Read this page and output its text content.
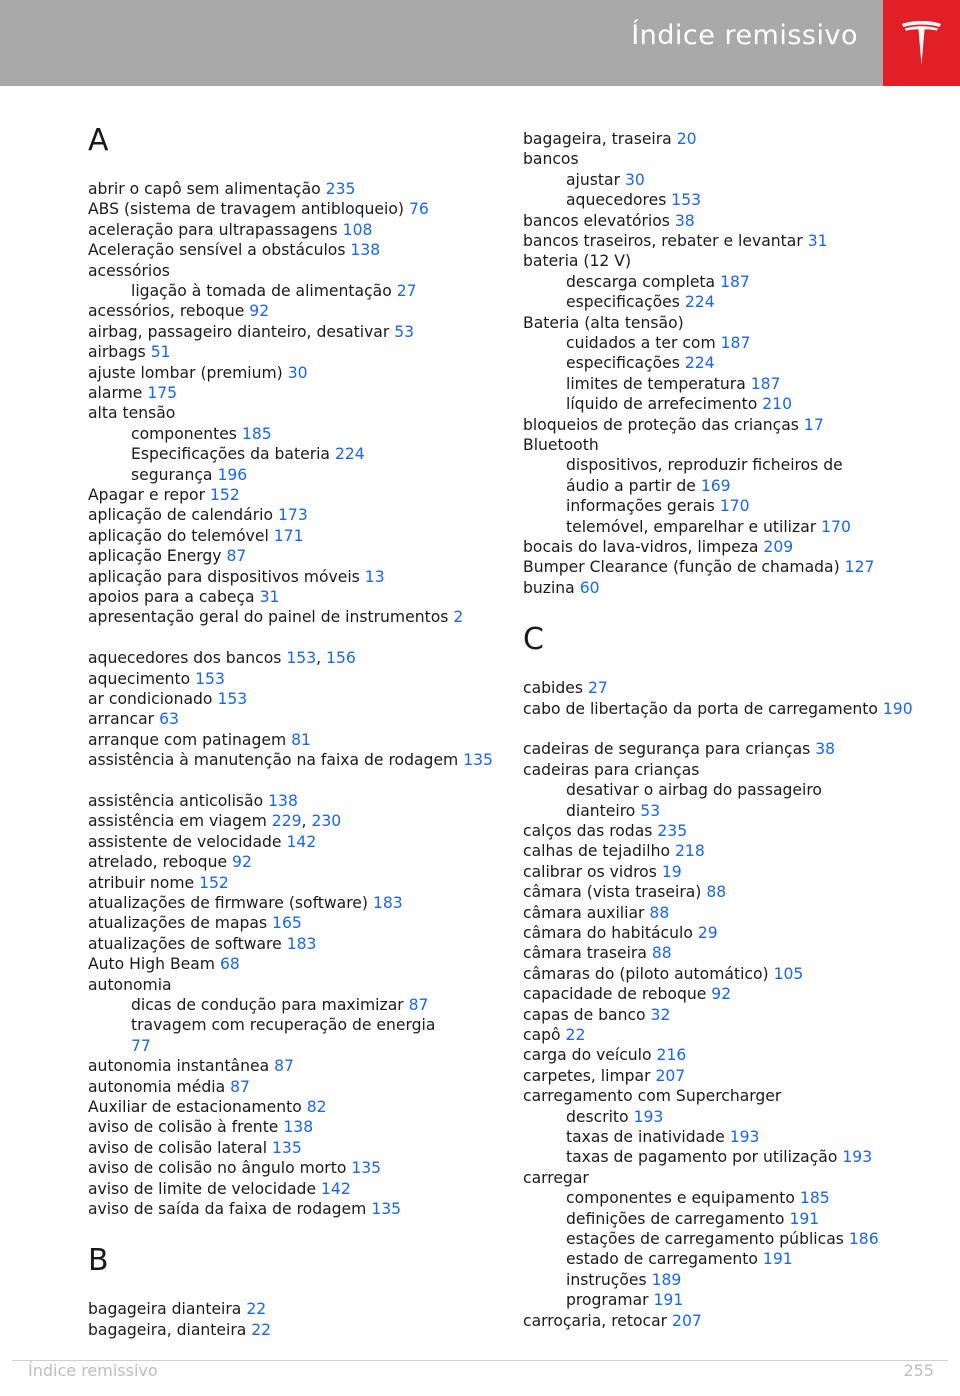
Índice remissivo
A
abrir o capô sem alimentação 235
ABS (sistema de travagem antibloqueio) 76
aceleração para ultrapassagens 108
Aceleração sensível a obstáculos 138
acessórios
ligação à tomada de alimentação 27
acessórios, reboque 92
airbag, passageiro dianteiro, desativar 53
airbags 51
ajuste lombar (premium) 30
alarme 175
alta tensão
componentes 185
Especificações da bateria 224
segurança 196
Apagar e repor 152
aplicação de calendário 173
aplicação do telemóvel 171
aplicação Energy 87
aplicação para dispositivos móveis 13
apoios para a cabeça 31
apresentação geral do painel de instrumentos 2
aquecedores dos bancos 153, 156
aquecimento 153
ar condicionado 153
arrancar 63
arranque com patinagem 81
assistência à manutenção na faixa de rodagem 135
assistência anticolisão 138
assistência em viagem 229, 230
assistente de velocidade 142
atrelado, reboque 92
atribuir nome 152
atualizações de firmware (software) 183
atualizações de mapas 165
atualizações de software 183
Auto High Beam 68
autonomia
dicas de condução para maximizar 87
travagem com recuperação de energia 77
autonomia instantânea 87
autonomia média 87
Auxiliar de estacionamento 82
aviso de colisão à frente 138
aviso de colisão lateral 135
aviso de colisão no ângulo morto 135
aviso de limite de velocidade 142
aviso de saída da faixa de rodagem 135
B
bagageira dianteira 22
bagageira, dianteira 22
bagageira, traseira 20
bancos
ajustar 30
aquecedores 153
bancos elevatórios 38
bancos traseiros, rebater e levantar 31
bateria (12 V)
descarga completa 187
especificações 224
Bateria (alta tensão)
cuidados a ter com 187
especificações 224
limites de temperatura 187
líquido de arrefecimento 210
bloqueios de proteção das crianças 17
Bluetooth
dispositivos, reproduzir ficheiros de áudio a partir de 169
informações gerais 170
telemóvel, emparelhar e utilizar 170
bocais do lava-vidros, limpeza 209
Bumper Clearance (função de chamada) 127
buzina 60
C
cabides 27
cabo de libertação da porta de carregamento 190
cadeiras de segurança para crianças 38
cadeiras para crianças
desativar o airbag do passageiro dianteiro 53
calços das rodas 235
calhas de tejadilho 218
calibrar os vidros 19
câmara (vista traseira) 88
câmara auxiliar 88
câmara do habitáculo 29
câmara traseira 88
câmaras do (piloto automático) 105
capacidade de reboque 92
capas de banco 32
capô 22
carga do veículo 216
carpetes, limpar 207
carregamento com Supercharger
descrito 193
taxas de inatividade 193
taxas de pagamento por utilização 193
carregar
componentes e equipamento 185
definições de carregamento 191
estações de carregamento públicas 186
estado de carregamento 191
instruções 189
programar 191
carroçaria, retocar 207
Índice remissivo	255
